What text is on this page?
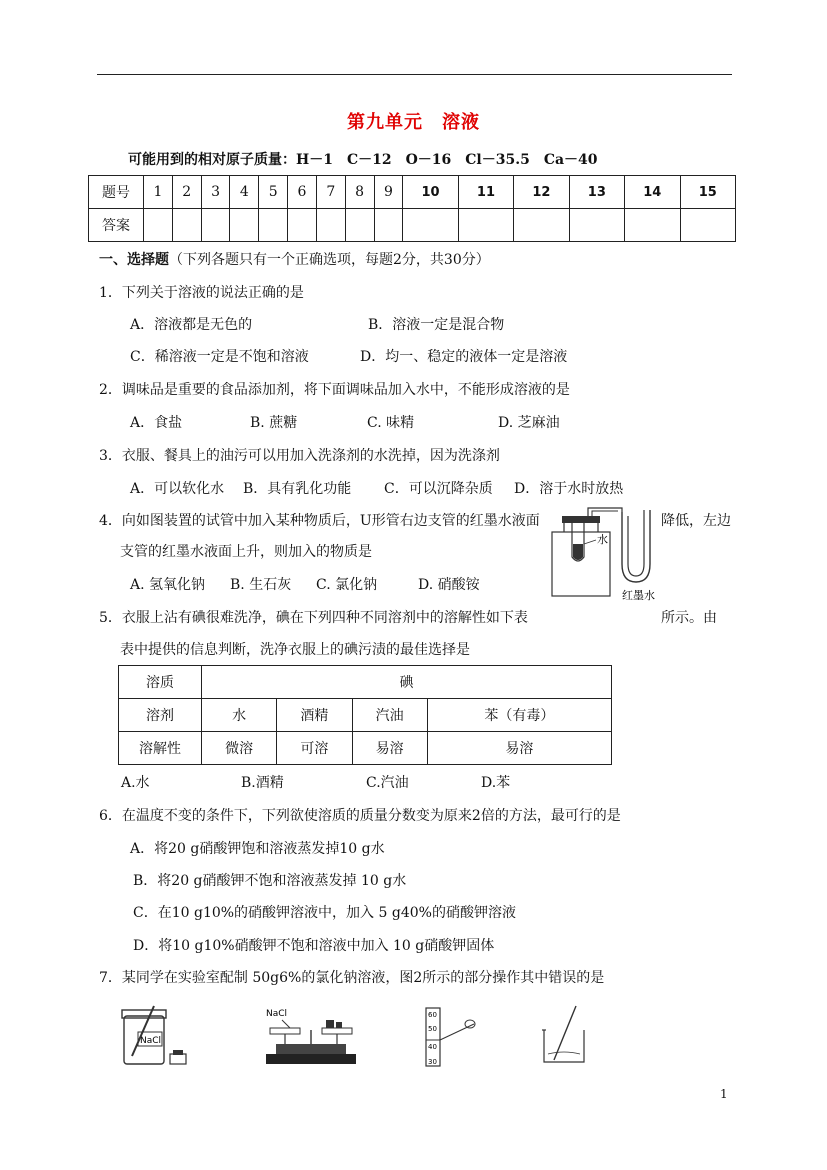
第九单元　溶液
可能用到的相对原子质量：H－1　C－12　O－16　Cl－35.5　Ca－40
题号	1	2	3	4	5	6	7	8	9	10	11	12	13	14	15
答案															
一、选择题（下列各题只有一个正确选项，每题2分，共30分）
1．下列关于溶液的说法正确的是
A．溶液都是无色的	B．溶液一定是混合物
C．稀溶液一定是不饱和溶液	D．均一、稳定的液体一定是溶液
2．调味品是重要的食品添加剂，将下面调味品加入水中，不能形成溶液的是
A．食盐	B. 蔗糖	C. 味精	D. 芝麻油
3．衣服、餐具上的油污可以用加入洗涤剂的水洗掉，因为洗涤剂
A．可以软化水 B．具有乳化功能 C．可以沉降杂质 D．溶于水时放热
4．向如图装置的试管中加入某种物质后，U形管右边支管的红墨水液面	降低，左边
支管的红墨水液面上升，则加入的物质是
A. 氢氧化钠 B. 生石灰 C. 氯化钠	D. 硝酸铵
水
红墨水
5．衣服上沾有碘很难洗净，碘在下列四种不同溶剂中的溶解性如下表	所示。由
表中提供的信息判断，洗净衣服上的碘污渍的最佳选择是
溶质	碘			
溶剂	水	酒精	汽油	苯（有毒）
溶解性	微溶	可溶	易溶	易溶
A.水	B.酒精	C.汽油	D.苯
6．在温度不变的条件下，下列欲使溶质的质量分数变为原来2倍的方法，最可行的是
A．将20 g硝酸钾饱和溶液蒸发掉10 g水
B．将20 g硝酸钾不饱和溶液蒸发掉 10 g水
C．在10 g10%的硝酸钾溶液中，加入 5 g40%的硝酸钾溶液
D．将10 g10%硝酸钾不饱和溶液中加入 10 g硝酸钾固体
7．某同学在实验室配制 50g6%的氯化钠溶液，图2所示的部分操作其中错误的是
NaCl
NaCl	60
50
40
30
1
